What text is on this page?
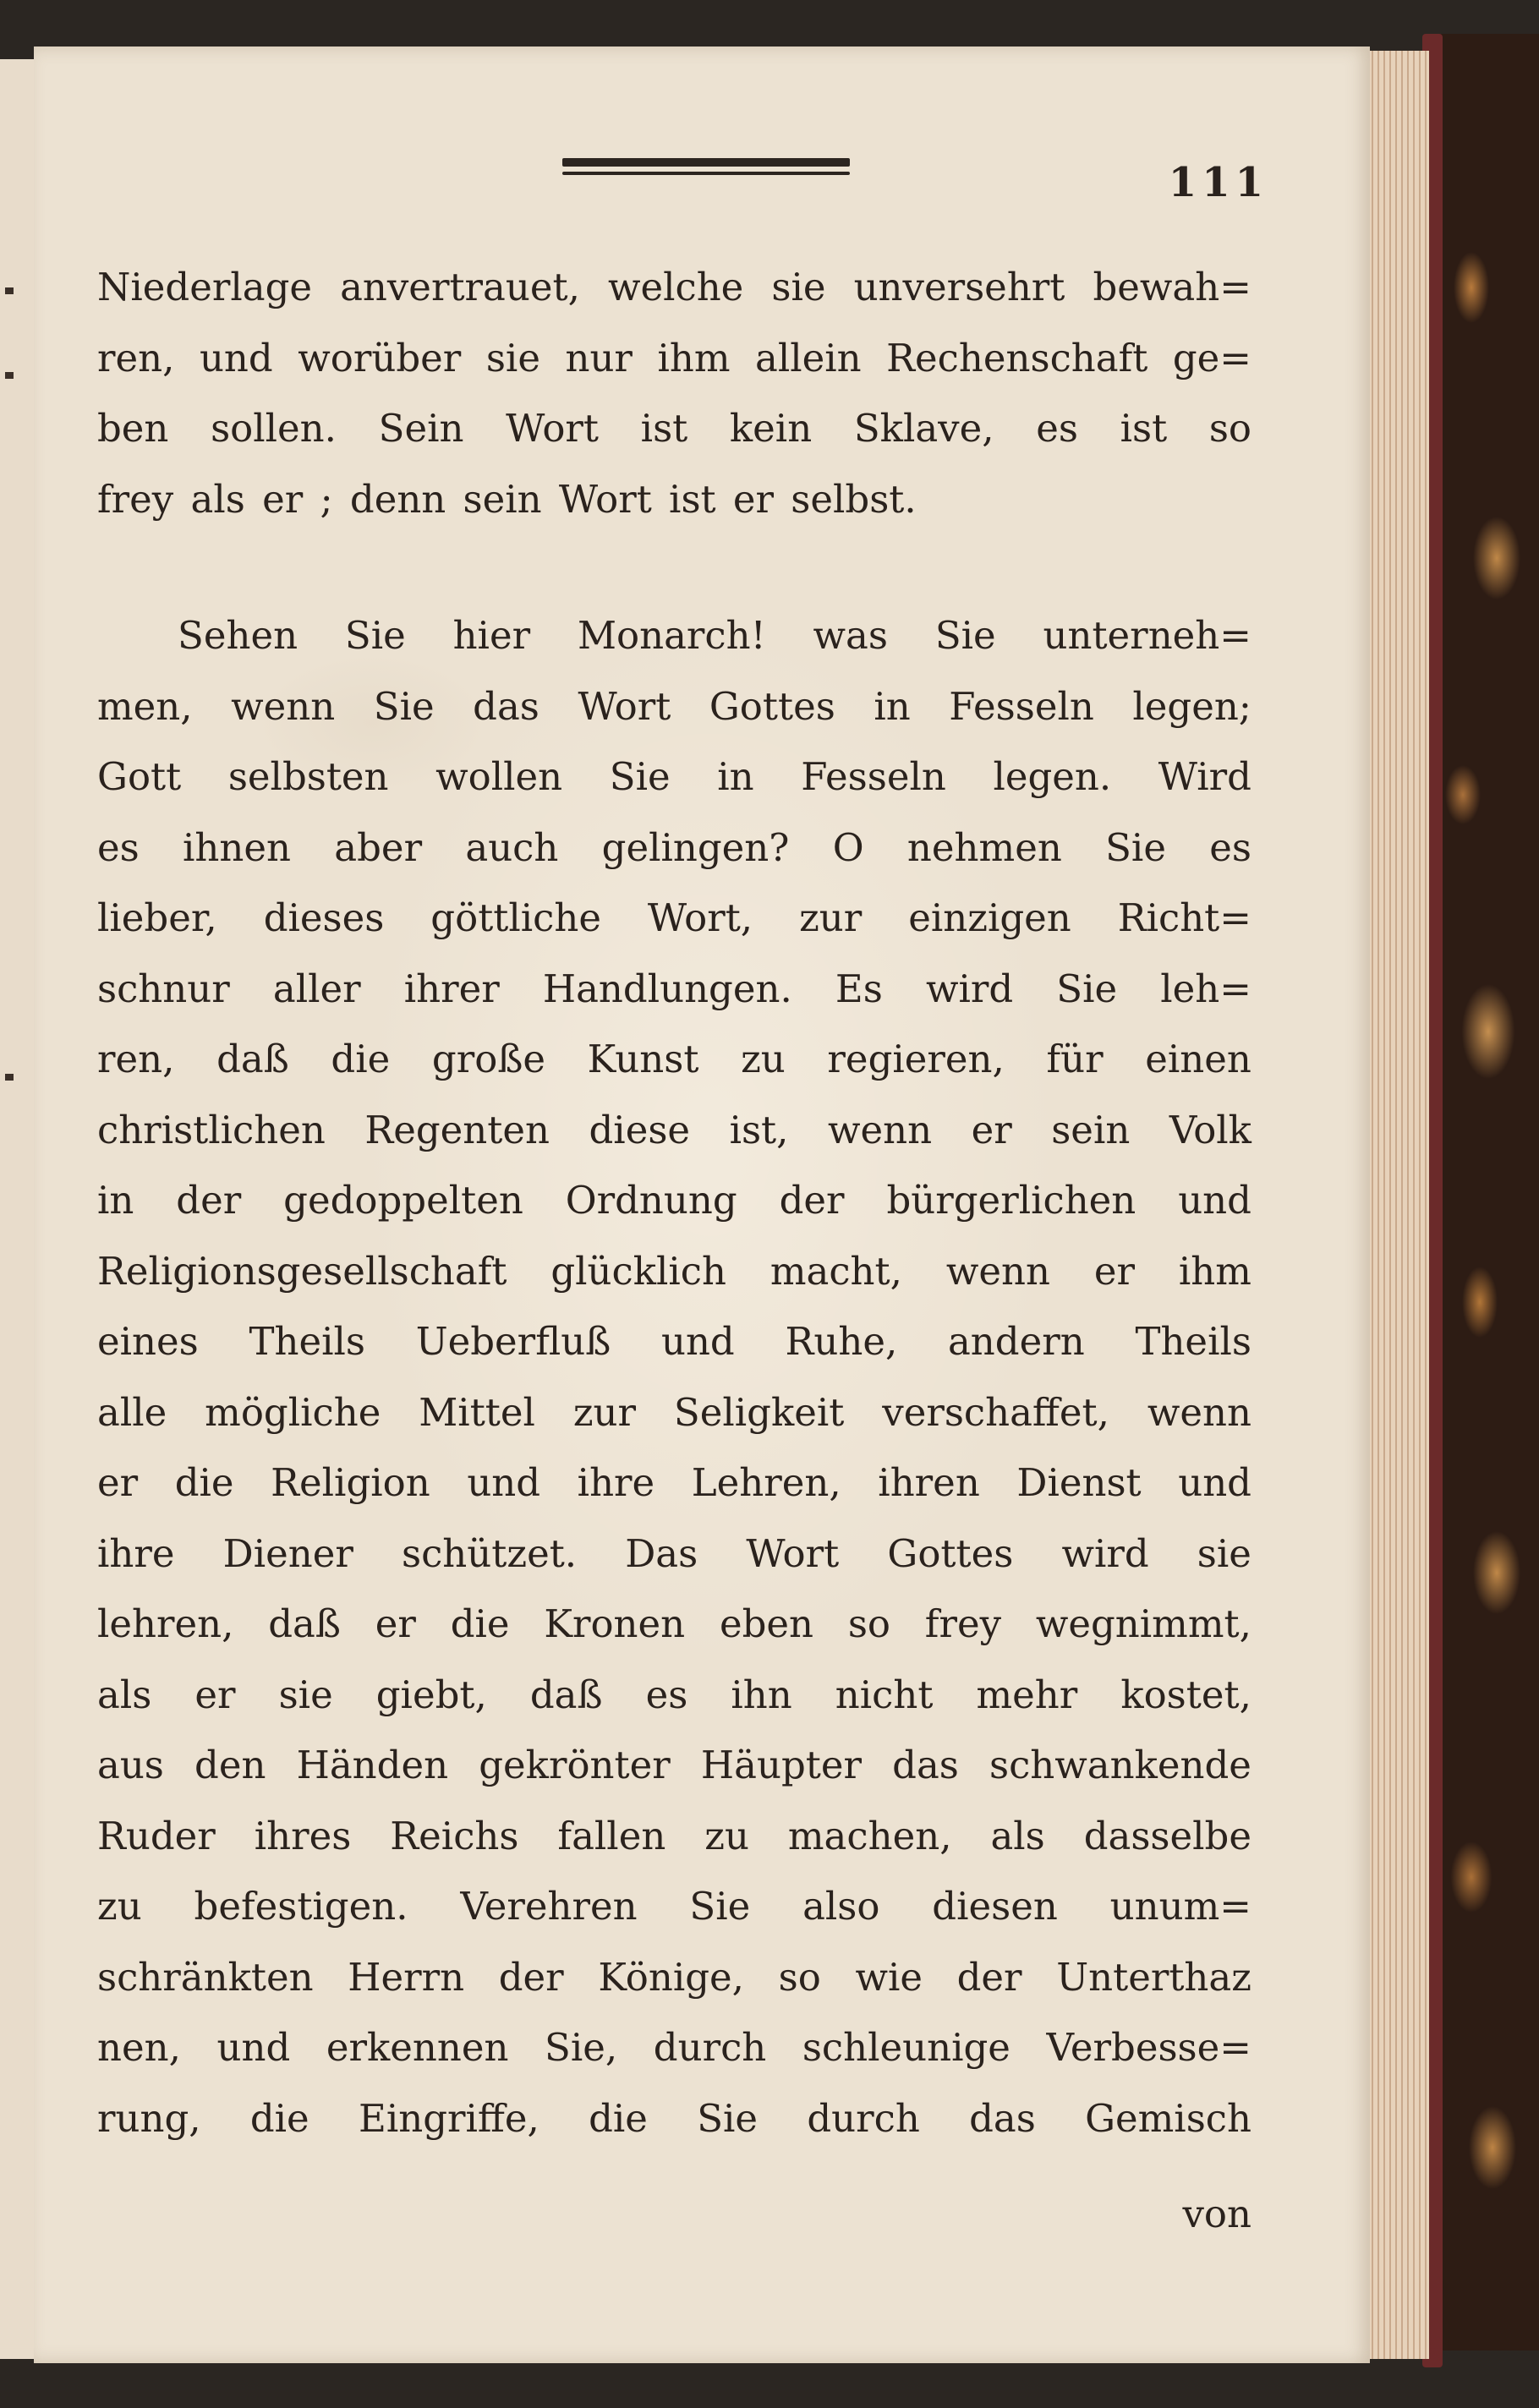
111
Niederlage anvertrauet, welche sie unversehrt bewah=
ren, und worüber sie nur ihm allein Rechenschaft ge=
ben sollen. Sein Wort ist kein Sklave, es ist so
frey als er ; denn sein Wort ist er selbst.
Sehen Sie hier Monarch! was Sie unterneh=
men, wenn Sie das Wort Gottes in Fesseln legen;
Gott selbsten wollen Sie in Fesseln legen. Wird
es ihnen aber auch gelingen? O nehmen Sie es
lieber, dieses göttliche Wort, zur einzigen Richt=
schnur aller ihrer Handlungen. Es wird Sie leh=
ren, daß die große Kunst zu regieren, für einen
christlichen Regenten diese ist, wenn er sein Volk
in der gedoppelten Ordnung der bürgerlichen und
Religionsgesellschaft glücklich macht, wenn er ihm
eines Theils Ueberfluß und Ruhe, andern Theils
alle mögliche Mittel zur Seligkeit verschaffet, wenn
er die Religion und ihre Lehren, ihren Dienst und
ihre Diener schützet. Das Wort Gottes wird sie
lehren, daß er die Kronen eben so frey wegnimmt,
als er sie giebt, daß es ihn nicht mehr kostet,
aus den Händen gekrönter Häupter das schwankende
Ruder ihres Reichs fallen zu machen, als dasselbe
zu befestigen. Verehren Sie also diesen unum=
schränkten Herrn der Könige, so wie der Unterthaz
nen, und erkennen Sie, durch schleunige Verbesse=
rung, die Eingriffe, die Sie durch das Gemisch
von
